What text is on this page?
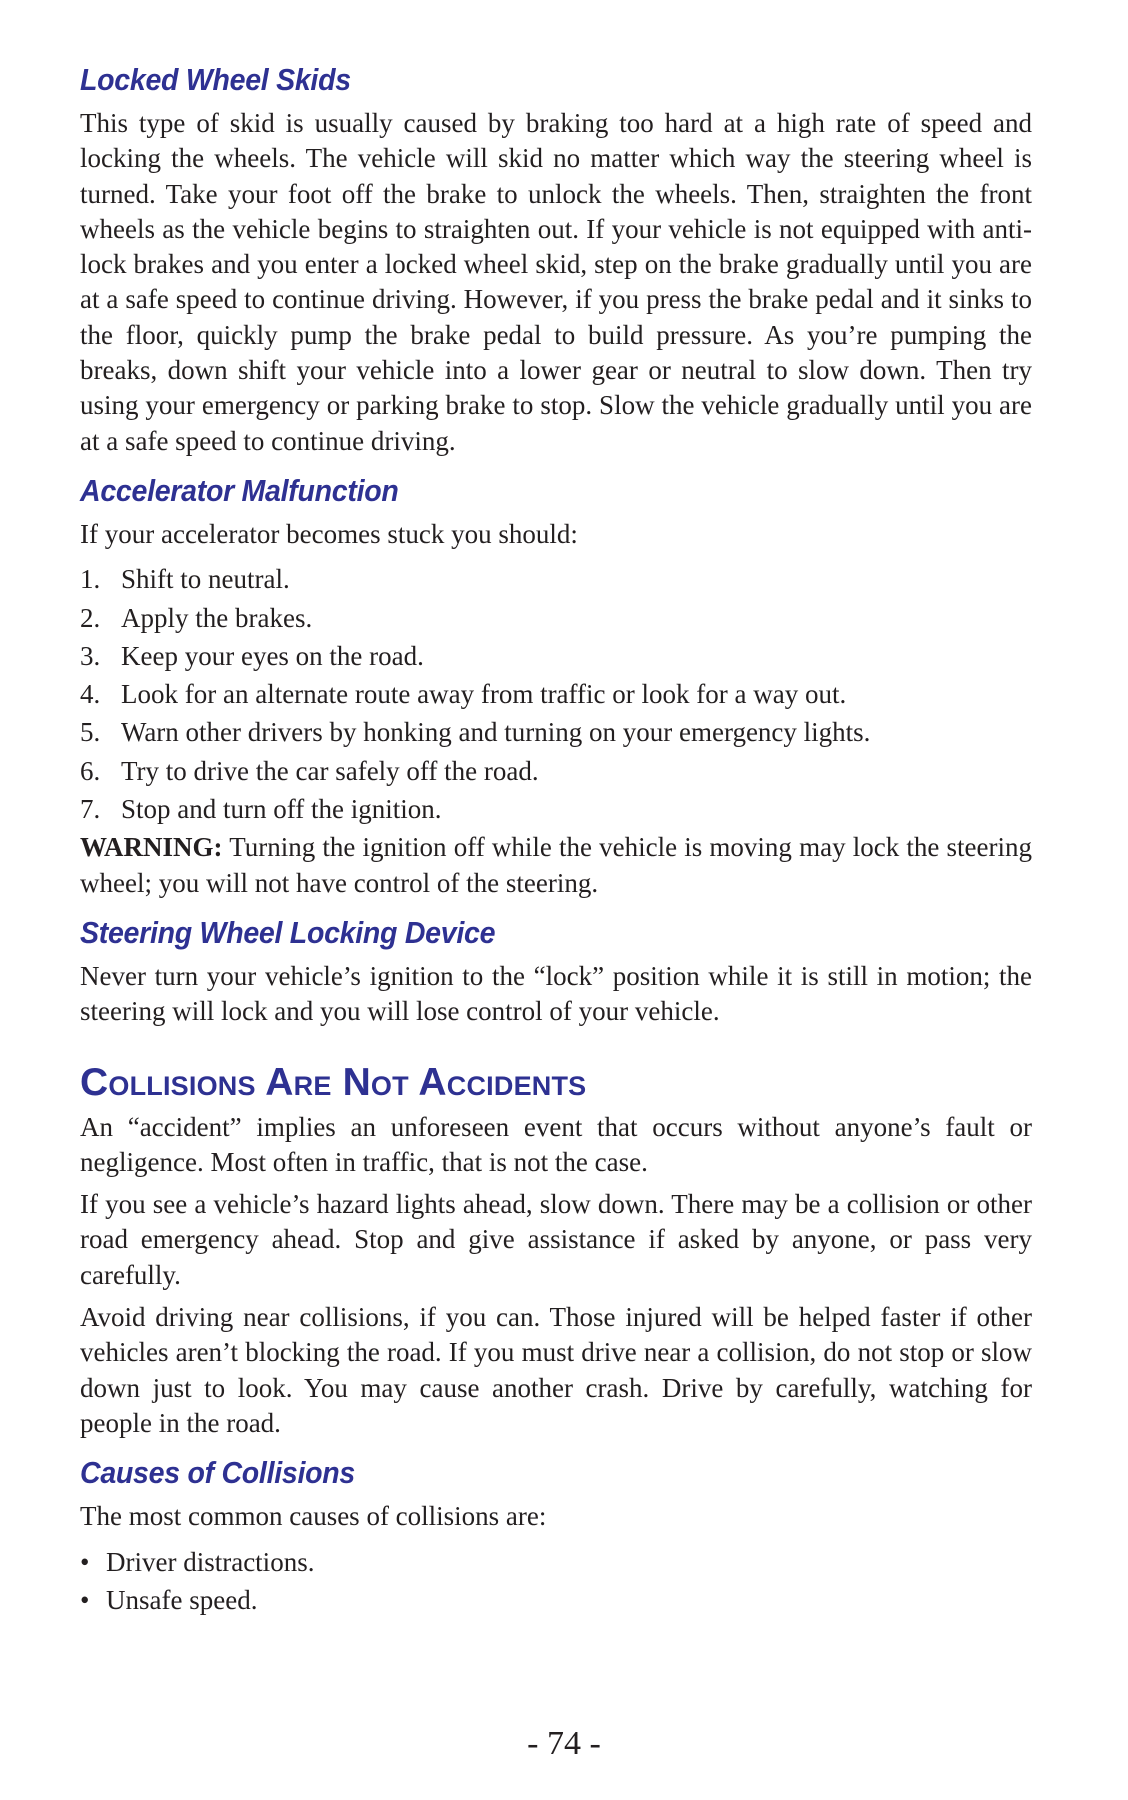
Locked Wheel Skids

This type of skid is usually caused by braking too hard at a high rate of speed and locking the wheels. The vehicle will skid no matter which way the steering wheel is turned. Take your foot off the brake to unlock the wheels. Then, straighten the front wheels as the vehicle begins to straighten out. If your vehicle is not equipped with anti-lock brakes and you enter a locked wheel skid, step on the brake gradually until you are at a safe speed to continue driving. However, if you press the brake pedal and it sinks to the floor, quickly pump the brake pedal to build pressure. As you’re pumping the breaks, down shift your vehicle into a lower gear or neutral to slow down. Then try using your emergency or parking brake to stop. Slow the vehicle gradually until you are at a safe speed to continue driving.

Accelerator Malfunction

If your accelerator becomes stuck you should:

1. Shift to neutral.
2. Apply the brakes.
3. Keep your eyes on the road.
4. Look for an alternate route away from traffic or look for a way out.
5. Warn other drivers by honking and turning on your emergency lights.
6. Try to drive the car safely off the road.
7. Stop and turn off the ignition.

WARNING: Turning the ignition off while the vehicle is moving may lock the steering wheel; you will not have control of the steering.

Steering Wheel Locking Device

Never turn your vehicle’s ignition to the “lock” position while it is still in motion; the steering will lock and you will lose control of your vehicle.

Collisions Are Not Accidents

An “accident” implies an unforeseen event that occurs without anyone’s fault or negligence. Most often in traffic, that is not the case.

If you see a vehicle’s hazard lights ahead, slow down. There may be a collision or other road emergency ahead. Stop and give assistance if asked by anyone, or pass very carefully.

Avoid driving near collisions, if you can. Those injured will be helped faster if other vehicles aren’t blocking the road. If you must drive near a collision, do not stop or slow down just to look. You may cause another crash. Drive by carefully, watching for people in the road.

Causes of Collisions

The most common causes of collisions are:

• Driver distractions.
• Unsafe speed.
- 74 -
